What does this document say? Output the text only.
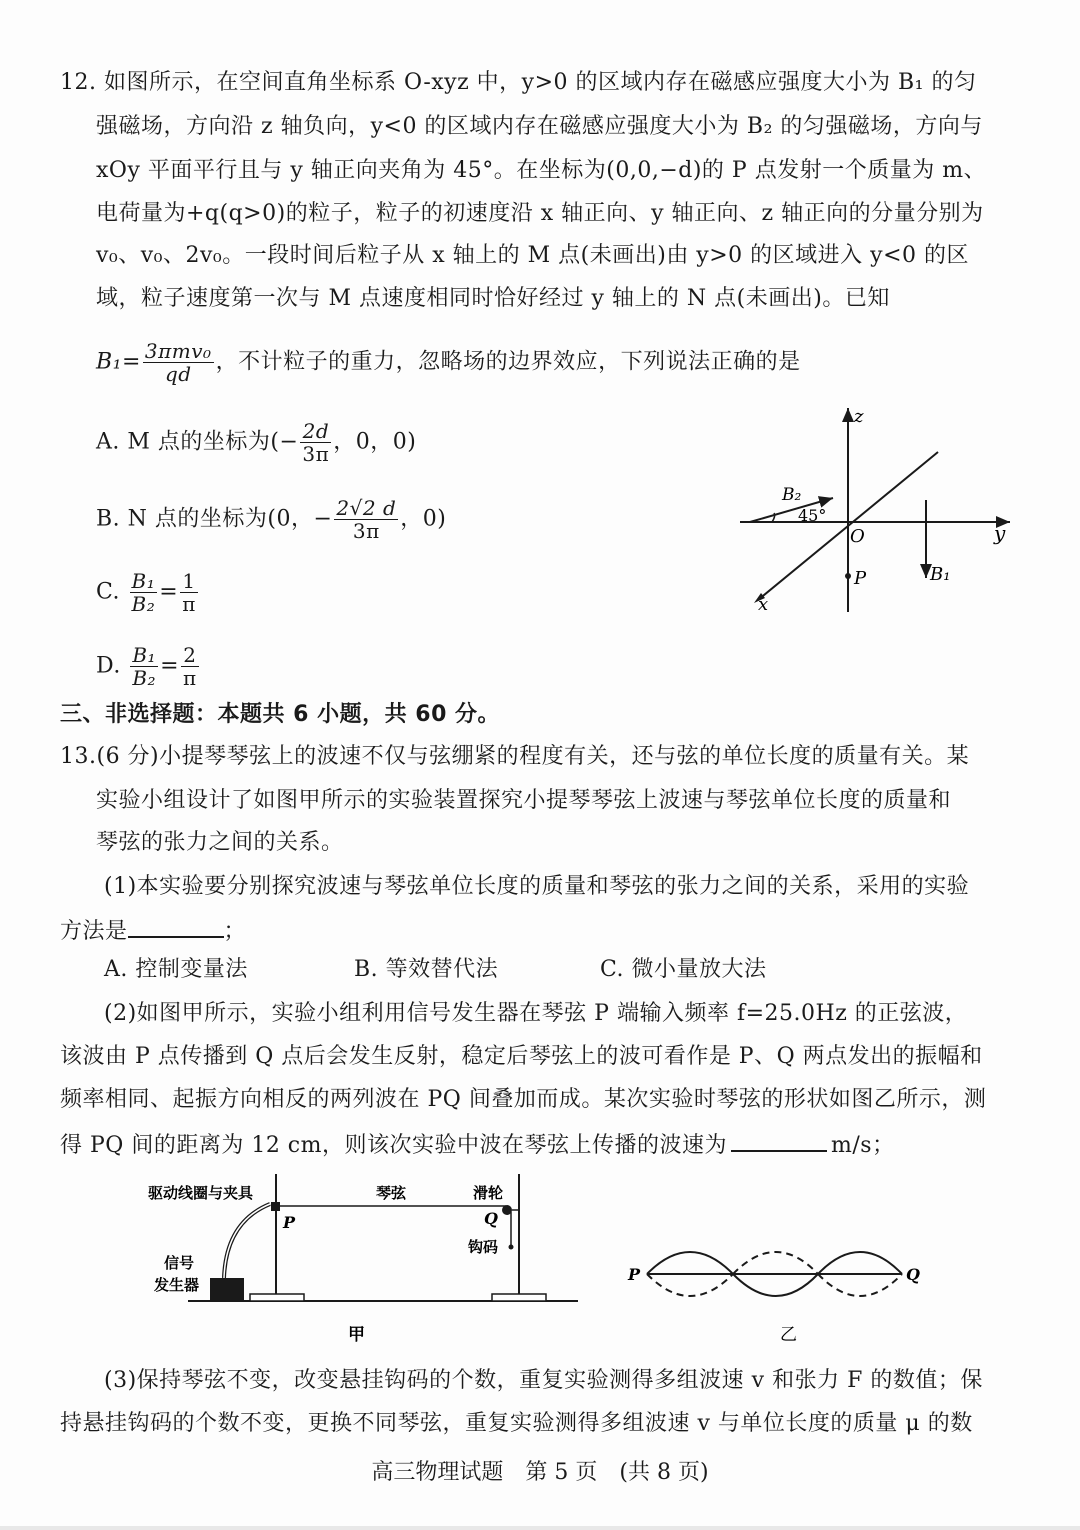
12. 如图所示，在空间直角坐标系 O-xyz 中，y>0 的区域内存在磁感应强度大小为 B₁ 的匀
强磁场，方向沿 z 轴负向，y<0 的区域内存在磁感应强度大小为 B₂ 的匀强磁场，方向与
xOy 平面平行且与 y 轴正向夹角为 45°。在坐标为(0,0,−d)的 P 点发射一个质量为 m、
电荷量为+q(q>0)的粒子，粒子的初速度沿 x 轴正向、y 轴正向、z 轴正向的分量分别为
v₀、v₀、2v₀。一段时间后粒子从 x 轴上的 M 点(未画出)由 y>0 的区域进入 y<0 的区
域，粒子速度第一次与 M 点速度相同时恰好经过 y 轴上的 N 点(未画出)。已知
$B_1= \frac{\text{3πmv₀}}{qd}$ ，不计粒子的重力，忽略场的边界效应，下列说法正确的是
A. M 点的坐标为(− $\frac{2d}{3\pi}$ ，0，0)
B. N 点的坐标为(0，− $\frac{2√2 d}{3\pi}$ ，0)
C. $\frac{\text{B₁}}{\text{B₂}} = \frac{1}{\pi}$
D. $\frac{\text{B₁}}{\text{B₂}} = \frac{2}{\pi}$
z
y
x
O
P	B₁
B₂
45°
三、非选择题：本题共 6 小题，共 60 分。
13.(6 分)小提琴琴弦上的波速不仅与弦绷紧的程度有关，还与弦的单位长度的质量有关。某
实验小组设计了如图甲所示的实验装置探究小提琴琴弦上波速与琴弦单位长度的质量和
琴弦的张力之间的关系。
(1)本实验要分别探究波速与琴弦单位长度的质量和琴弦的张力之间的关系，采用的实验
方法是	；
A. 控制变量法	B. 等效替代法	C. 微小量放大法
(2)如图甲所示，实验小组利用信号发生器在琴弦 P 端输入频率 f=25.0Hz 的正弦波，
该波由 P 点传播到 Q 点后会发生反射，稳定后琴弦上的波可看作是 P、Q 两点发出的振幅和
频率相同、起振方向相反的两列波在 PQ 间叠加而成。某次实验时琴弦的形状如图乙所示，测
得 PQ 间的距离为 12 cm，则该次实验中波在琴弦上传播的波速为	m/s；
驱动线圈与夹具	琴弦	滑轮
P	Q
钩码
信号
发生器
甲
P	Q
乙
(3)保持琴弦不变，改变悬挂钩码的个数，重复实验测得多组波速 v 和张力 F 的数值；保
持悬挂钩码的个数不变，更换不同琴弦，重复实验测得多组波速 v 与单位长度的质量 μ 的数
高三物理试题　第 5 页　(共 8 页)
